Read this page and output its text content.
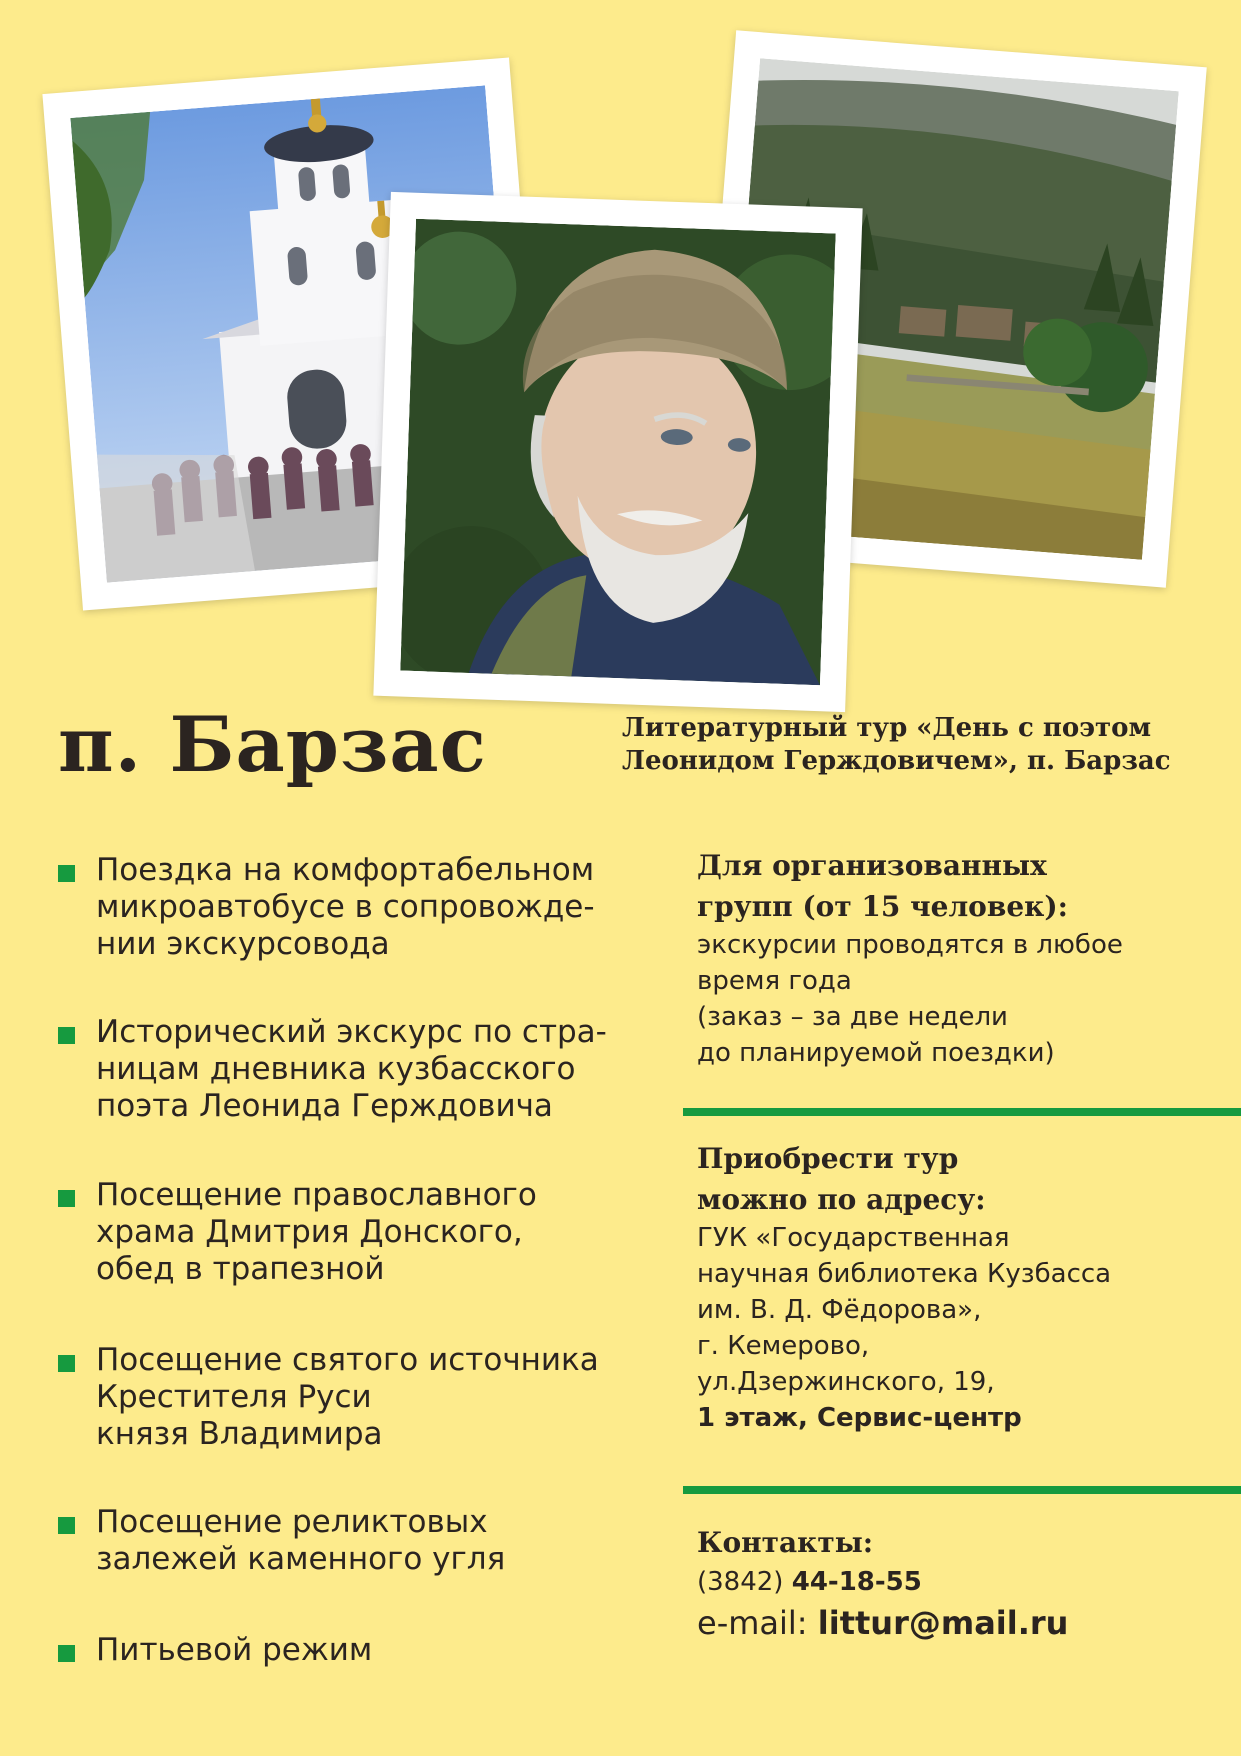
п. Барзас	Литературный тур «День с поэтом Леонидом Герждовичем», п. Барзас
Поездка на комфортабельном
микроавтобусе в сопровожде-
нии экскурсовода
Исторический экскурс по стра-
ницам дневника кузбасского
поэта Леонида Герждовича
Посещение православного
храма Дмитрия Донского,
обед в трапезной
Посещение святого источника
Крестителя Руси
князя Владимира
Посещение реликтовых
залежей каменного угля
Питьевой режим
Для организованных
групп (от 15 человек):
экскурсии проводятся в любое
время года
(заказ – за две недели
до планируемой поездки)
Приобрести тур
можно по адресу:
ГУК «Государственная
научная библиотека Кузбасса
им. В. Д. Фёдорова»,
г. Кемерово,
ул.Дзержинского, 19,
1 этаж, Сервис-центр
Контакты:
(3842) 44-18-55
e-mail: littur@mail.ru
